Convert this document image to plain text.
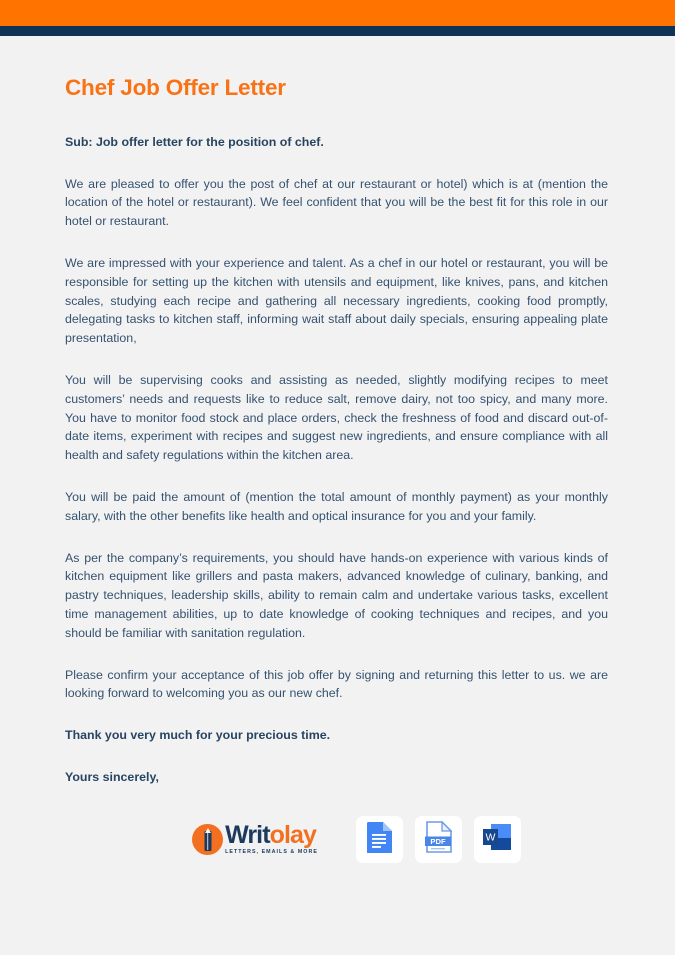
Chef Job Offer Letter
Sub: Job offer letter for the position of chef.

We are pleased to offer you the post of chef at our restaurant or hotel) which is at (mention the location of the hotel or restaurant). We feel confident that you will be the best fit for this role in our hotel or restaurant.

We are impressed with your experience and talent. As a chef in our hotel or restaurant, you will be responsible for setting up the kitchen with utensils and equipment, like knives, pans, and kitchen scales, studying each recipe and gathering all necessary ingredients, cooking food promptly, delegating tasks to kitchen staff, informing wait staff about daily specials, ensuring appealing plate presentation,

You will be supervising cooks and assisting as needed, slightly modifying recipes to meet customers’ needs and requests like to reduce salt, remove dairy, not too spicy, and many more. You have to monitor food stock and place orders, check the freshness of food and discard out-of-date items, experiment with recipes and suggest new ingredients, and ensure compliance with all health and safety regulations within the kitchen area.

You will be paid the amount of (mention the total amount of monthly payment) as your monthly salary, with the other benefits like health and optical insurance for you and your family.

As per the company’s requirements, you should have hands-on experience with various kinds of kitchen equipment like grillers and pasta makers, advanced knowledge of culinary, banking, and pastry techniques, leadership skills, ability to remain calm and undertake various tasks, excellent time management abilities, up to date knowledge of cooking techniques and recipes, and you should be familiar with sanitation regulation.

Please confirm your acceptance of this job offer by signing and returning this letter to us. we are looking forward to welcoming you as our new chef.

Thank you very much for your precious time.

Yours sincerely,

Writolay
LETTERS, EMAILS & MORE
PDF	W
